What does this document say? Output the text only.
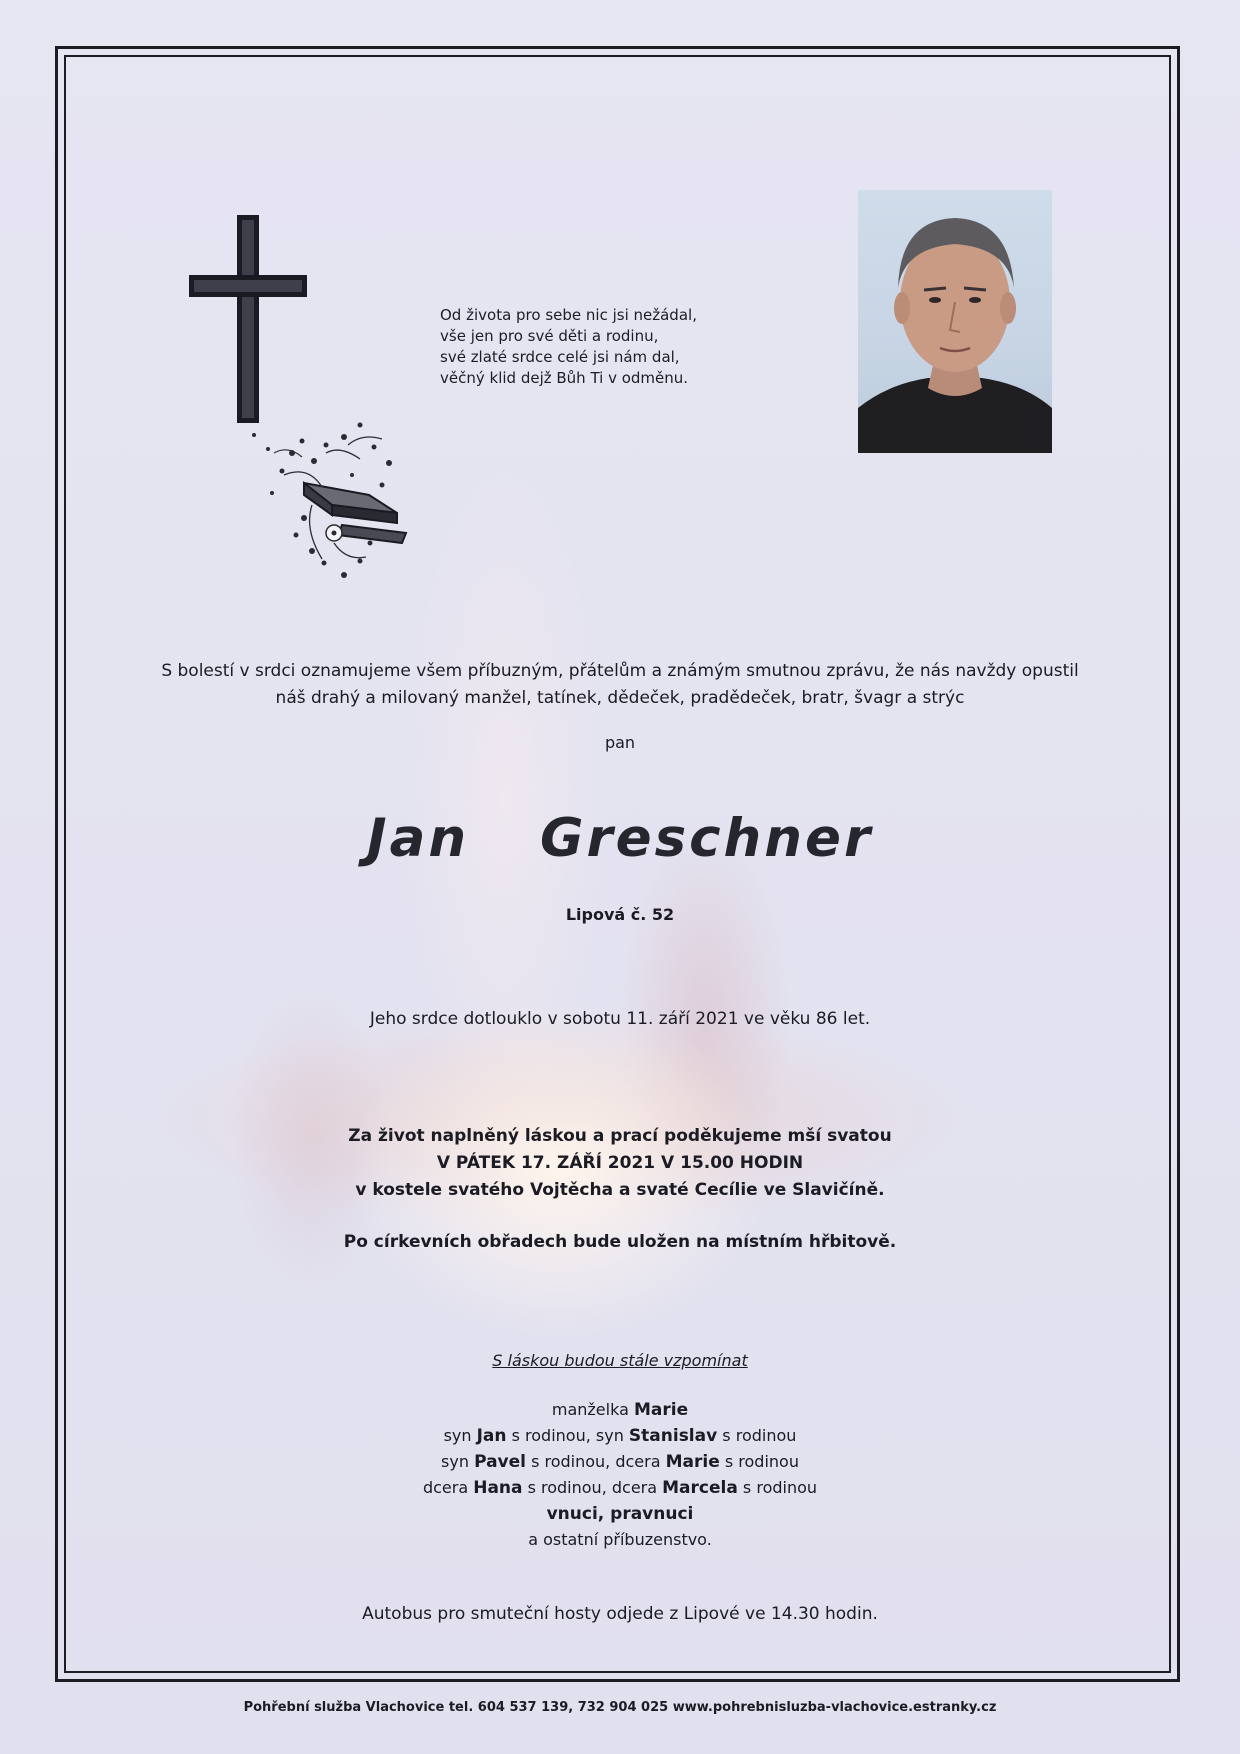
Od života pro sebe nic jsi nežádal,
vše jen pro své děti a rodinu,
své zlaté srdce celé jsi nám dal,
věčný klid dejž Bůh Ti v odměnu.
S bolestí v srdci oznamujeme všem příbuzným, přátelům a známým smutnou zprávu, že nás navždy opustil
náš drahý a milovaný manžel, tatínek, dědeček, pradědeček, bratr, švagr a strýc
pan
Jan  Greschner
Lipová č. 52
Jeho srdce dotlouklo v sobotu 11. září 2021 ve věku 86 let.
Za život naplněný láskou a prací poděkujeme mší svatou
V PÁTEK 17. ZÁŘÍ 2021 V 15.00 HODIN
v kostele svatého Vojtěcha a svaté Cecílie ve Slavičíně.
Po církevních obřadech bude uložen na místním hřbitově.
S láskou budou stále vzpomínat
manželka Marie
syn Jan s rodinou, syn Stanislav s rodinou
syn Pavel s rodinou, dcera Marie s rodinou
dcera Hana s rodinou, dcera Marcela s rodinou
vnuci, pravnuci
a ostatní příbuzenstvo.
Autobus pro smuteční hosty odjede z Lipové ve 14.30 hodin.
Pohřební služba Vlachovice tel. 604 537 139, 732 904 025 www.pohrebnisluzba-vlachovice.estranky.cz
